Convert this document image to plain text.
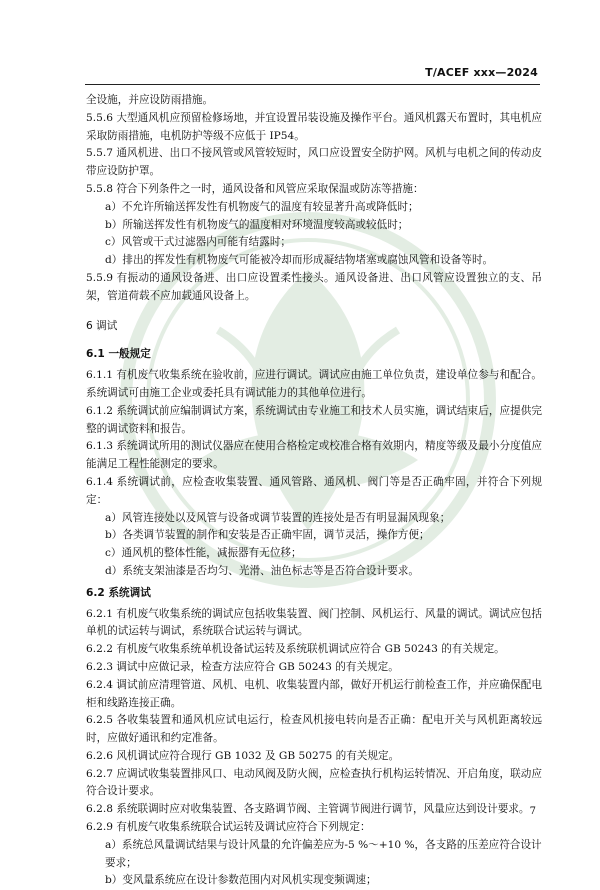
T/ACEF xxx—2024

全设施，并应设防雨措施。

5.5.6 大型通风机应预留检修场地，并宜设置吊装设施及操作平台。通风机露天布置时，其电机应采取防雨措施，电机防护等级不应低于 IP54。

5.5.7 通风机进、出口不接风管或风管较短时，风口应设置安全防护网。风机与电机之间的传动皮带应设防护罩。

5.5.8 符合下列条件之一时，通风设备和风管应采取保温或防冻等措施：

a）不允许所输送挥发性有机物废气的温度有较显著升高或降低时；

b）所输送挥发性有机物废气的温度相对环境温度较高或较低时；

c）风管或干式过滤器内可能有结露时；

d）排出的挥发性有机物废气可能被冷却而形成凝结物堵塞或腐蚀风管和设备等时。

5.5.9 有振动的通风设备进、出口应设置柔性接头。通风设备进、出口风管应设置独立的支、吊架，管道荷载不应加载通风设备上。

6 调试

6.1 一般规定

6.1.1 有机废气收集系统在验收前，应进行调试。调试应由施工单位负责，建设单位参与和配合。系统调试可由施工企业或委托具有调试能力的其他单位进行。

6.1.2 系统调试前应编制调试方案，系统调试由专业施工和技术人员实施，调试结束后，应提供完整的调试资料和报告。

6.1.3 系统调试所用的测试仪器应在使用合格检定或校准合格有效期内，精度等级及最小分度值应能满足工程性能测定的要求。

6.1.4 系统调试前，应检查收集装置、通风管路、通风机、阀门等是否正确牢固，并符合下列规定：

a）风管连接处以及风管与设备或调节装置的连接处是否有明显漏风现象；

b）各类调节装置的制作和安装是否正确牢固，调节灵活，操作方便；

c）通风机的整体性能，减振器有无位移；

d）系统支架油漆是否均匀、光滑、油色标志等是否符合设计要求。

6.2 系统调试

6.2.1 有机废气收集系统的调试应包括收集装置、阀门控制、风机运行、风量的调试。调试应包括单机的试运转与调试，系统联合试运转与调试。

6.2.2 有机废气收集系统单机设备试运转及系统联机调试应符合 GB 50243 的有关规定。

6.2.3 调试中应做记录，检查方法应符合 GB 50243 的有关规定。

6.2.4 调试前应清理管道、风机、电机、收集装置内部，做好开机运行前检查工作，并应确保配电柜和线路连接正确。

6.2.5 各收集装置和通风机应试电运行，检查风机接电转向是否正确：配电开关与风机距离较远时，应做好通讯和约定准备。

6.2.6 风机调试应符合现行 GB 1032 及 GB 50275 的有关规定。

6.2.7 应调试收集装置排风口、电动风阀及防火阀，应检查执行机构运转情况、开启角度，联动应符合设计要求。

6.2.8 系统联调时应对收集装置、各支路调节阀、主管调节阀进行调节，风量应达到设计要求。

6.2.9 有机废气收集系统联合试运转及调试应符合下列规定：

a）系统总风量调试结果与设计风量的允许偏差应为-5 %～+10 %，各支路的压差应符合设计要求；

b）变风量系统应在设计参数范围内对风机实现变频调速；

7
